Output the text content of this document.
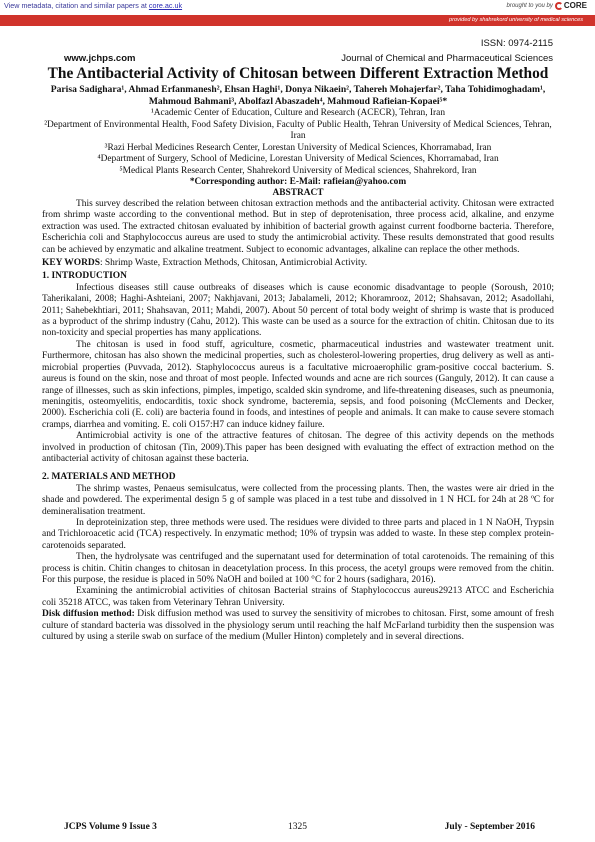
View metadata, citation and similar papers at core.ac.uk	brought to you by CORE
provided by shahrekord university of medical sciences
ISSN: 0974-2115
www.jchps.com	Journal of Chemical and Pharmaceutical Sciences
The Antibacterial Activity of Chitosan between Different Extraction Method

Parisa Sadighara¹, Ahmad Erfanmanesh², Ehsan Haghi¹, Donya Nikaein², Tahereh Mohajerfar², Taha Tohidimoghadam¹, Mahmoud Bahmani³, Abolfazl Abaszadeh⁴, Mahmoud Rafieian-Kopaei⁵*

¹Academic Center of Education, Culture and Research (ACECR), Tehran, Iran

²Department of Environmental Health, Food Safety Division, Faculty of Public Health, Tehran University of Medical Sciences, Tehran, Iran

³Razi Herbal Medicines Research Center, Lorestan University of Medical Sciences, Khorramabad, Iran

⁴Department of Surgery, School of Medicine, Lorestan University of Medical Sciences, Khorramabad, Iran

⁵Medical Plants Research Center, Shahrekord University of Medical sciences, Shahrekord, Iran

*Corresponding author: E-Mail: rafieian@yahoo.com

ABSTRACT

This survey described the relation between chitosan extraction methods and the antibacterial activity. Chitosan were extracted from shrimp waste according to the conventional method. But in step of deprotenisation, three process acid, alkaline, and enzyme extraction was used. The extracted chitosan evaluated by inhibition of bacterial growth against current foodborne bacteria. Therefore, Escherichia coli and Staphylococcus aureus are used to study the antimicrobial activity. These results demonstrated that good results can be achieved by enzymatic and alkaline treatment. Subject to economic advantages, alkaline can replace the other methods.

KEY WORDS: Shrimp Waste, Extraction Methods, Chitosan, Antimicrobial Activity.

1. INTRODUCTION

Infectious diseases still cause outbreaks of diseases which is cause economic disadvantage to people (Soroush, 2010; Taherikalani, 2008; Haghi-Ashteiani, 2007; Nakhjavani, 2013; Jabalameli, 2012; Khoramrooz, 2012; Shahsavan, 2012; Asadollahi, 2011; Sahebekhtiari, 2011; Shahsavan, 2011; Mahdi, 2007). About 50 percent of total body weight of shrimp is waste that is produced as a byproduct of the shrimp industry (Cahu, 2012). This waste can be used as a source for the extraction of chitin. Chitosan due to its non-toxicity and special properties has many applications.

The chitosan is used in food stuff, agriculture, cosmetic, pharmaceutical industries and wastewater treatment unit. Furthermore, chitosan has also shown the medicinal properties, such as cholesterol-lowering properties, drug delivery as well as anti-microbial properties (Puvvada, 2012). Staphylococcus aureus is a facultative microaerophilic gram-positive coccal bacterium. S. aureus is found on the skin, nose and throat of most people. Infected wounds and acne are rich sources (Ganguly, 2012). It can cause a range of illnesses, such as skin infections, pimples, impetigo, scalded skin syndrome, and life-threatening diseases, such as pneumonia, meningitis, osteomyelitis, endocarditis, toxic shock syndrome, bacteremia, sepsis, and food poisoning (McClements and Decker, 2000). Escherichia coli (E. coli) are bacteria found in foods, and intestines of people and animals. It can make to cause severe stomach cramps, diarrhea and vomiting. E. coli O157:H7 can induce kidney failure.

Antimicrobial activity is one of the attractive features of chitosan. The degree of this activity depends on the methods involved in production of chitosan (Tin, 2009).This paper has been designed with evaluating the effect of extraction method on the antibacterial activity of chitosan against these bacteria.

2. MATERIALS AND METHOD

The shrimp wastes, Penaeus semisulcatus, were collected from the processing plants. Then, the wastes were air dried in the shade and powdered. The experimental design 5 g of sample was placed in a test tube and dissolved in 1 N HCL for 24h at 28 ºC for demineralisation treatment.

In deproteinization step, three methods were used. The residues were divided to three parts and placed in 1 N NaOH, Trypsin and Trichloroacetic acid (TCA) respectively. In enzymatic method; 10% of trypsin was added to waste. In these step complex protein-carotenoids separated.

Then, the hydrolysate was centrifuged and the supernatant used for determination of total carotenoids. The remaining of this process is chitin. Chitin changes to chitosan in deacetylation process. In this process, the acetyl groups were removed from the chitin. For this purpose, the residue is placed in 50% NaOH and boiled at 100 °C for 2 hours (sadighara, 2016).

Examining the antimicrobial activities of chitosan Bacterial strains of Staphylococcus aureus29213 ATCC and Escherichia coli 35218 ATCC, was taken from Veterinary Tehran University.

Disk diffusion method: Disk diffusion method was used to survey the sensitivity of microbes to chitosan. First, some amount of fresh culture of standard bacteria was dissolved in the physiology serum until reaching the half McFarland turbidity then the suspension was cultured by using a sterile swab on surface of the medium (Muller Hinton) completely and in several directions.

JCPS Volume 9 Issue 3	1325	July - September 2016
